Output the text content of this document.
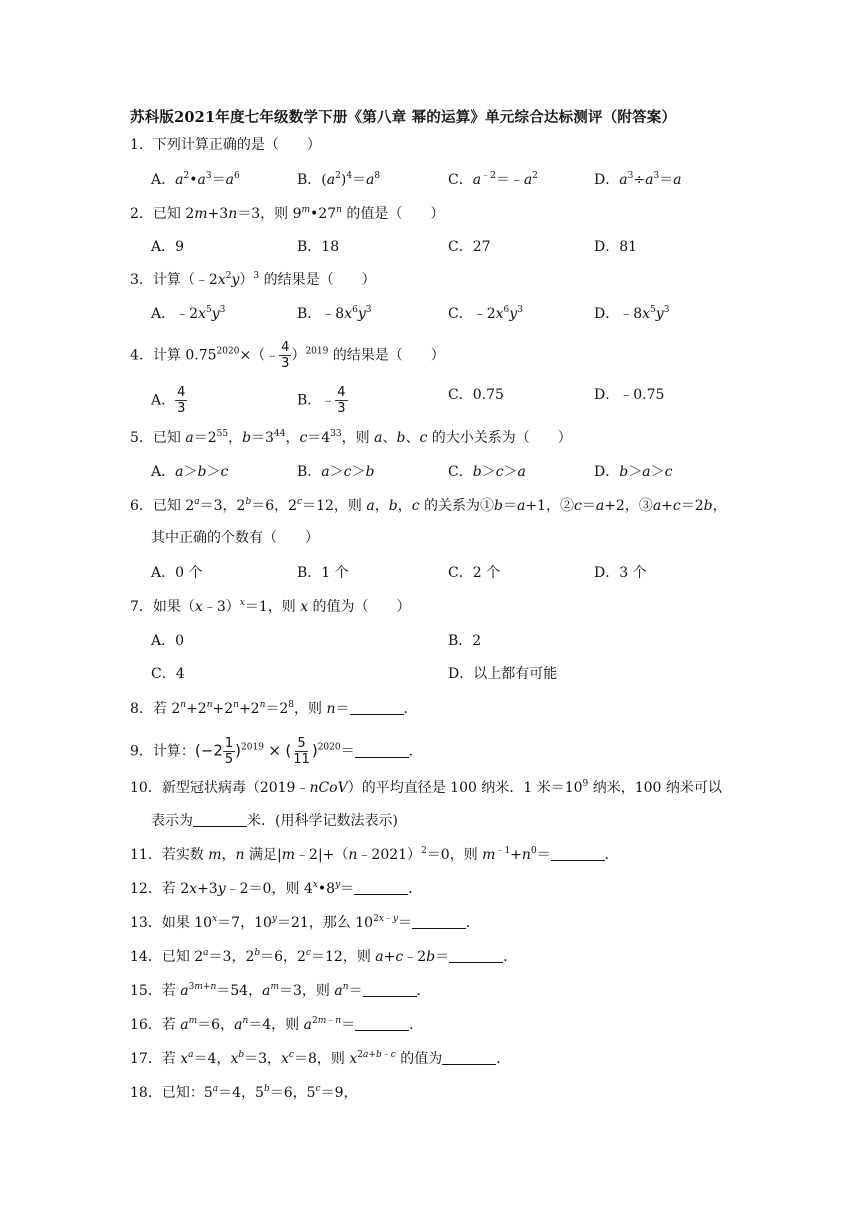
苏科版2021年度七年级数学下册《第八章 幂的运算》单元综合达标测评（附答案）
1．下列计算正确的是（　　）
A．$a^2•a^3=a^6$	B．$(a^2)^4=a^8$	C．$a^{﹣2}=﹣a^2$	D．$a^3\div a^3=a$
2．已知 2m+3n＝3，则 9$^m$•27$^n$ 的值是（　　）
A．9	B．18	C．27	D．81
3．计算$(﹣2x^2y)^3$ 的结果是（　　）
A．$﹣2x^5y^3$	B．$﹣8x^6y^3$	C．$﹣2x^6y^3$	D．$﹣8x^5y^3$
4．计算 $0.75^{2020}\times(﹣ \frac{4}{3} )^{2019}$ 的结果是（　　）
A． $\frac{4}{3}$	B．﹣ $\frac{4}{3}$	C．0.75	D．﹣0.75
5．已知 $a=2^{55}$，$b=3^{44}$，$c=4^{33}$，则 a、b、c 的大小关系为（　　）
A．a＞b＞c	B．a＞c＞b	C．b＞c＞a	D．b＞a＞c
6．已知 $2^a=3$，$2^b=6$，$2^c=12$，则 a，b，c 的关系为①b＝a+1，②c＝a+2，③a+c＝2b，
其中正确的个数有（　　）
A．0 个	B．1 个	C．2 个	D．3 个
7．如果（x﹣3）$^x$＝1，则 x 的值为（　　）
A．0	B．2
C．4	D．以上都有可能
8．若 $2^n+2^n+2^n+2^n=2^8$，则 n＝	．
9．计算：$(-2 \frac{1}{5} )^{2019}$ × ( $\frac{5}{11} )^{2020}=$	．
10．新型冠状病毒（2019﹣nCoV）的平均直径是 100 纳米．1 米$=10^9$ 纳米，100 纳米可以
表示为	米．(用科学记数法表示)
11．若实数 m，n 满足|m﹣2|+（n﹣2021）$^2$＝0，则 $m^{﹣1}+n^0=$	．
12．若 2x+3y﹣2＝0，则 $4^x•8^y=$	．
13．如果 $10^x=7$，$10^y=21$，那么 $10^{2x﹣y}=$	．
14．已知 $2^a=3$，$2^b=6$，$2^c=12$，则 a+c﹣2b＝	．
15．若 $a^{3m+n}=54$，$a^m=3$，则 $a^n=$	．
16．若 $a^m=6$，$a^n=4$，则 $a^{2m﹣n}=$	．
17．若 $x^a=4$，$x^b=3$，$x^c=8$，则 $x^{2a+b﹣c}$ 的值为	．
18．已知：$5^a=4$，$5^b=6$，$5^c=9$，
